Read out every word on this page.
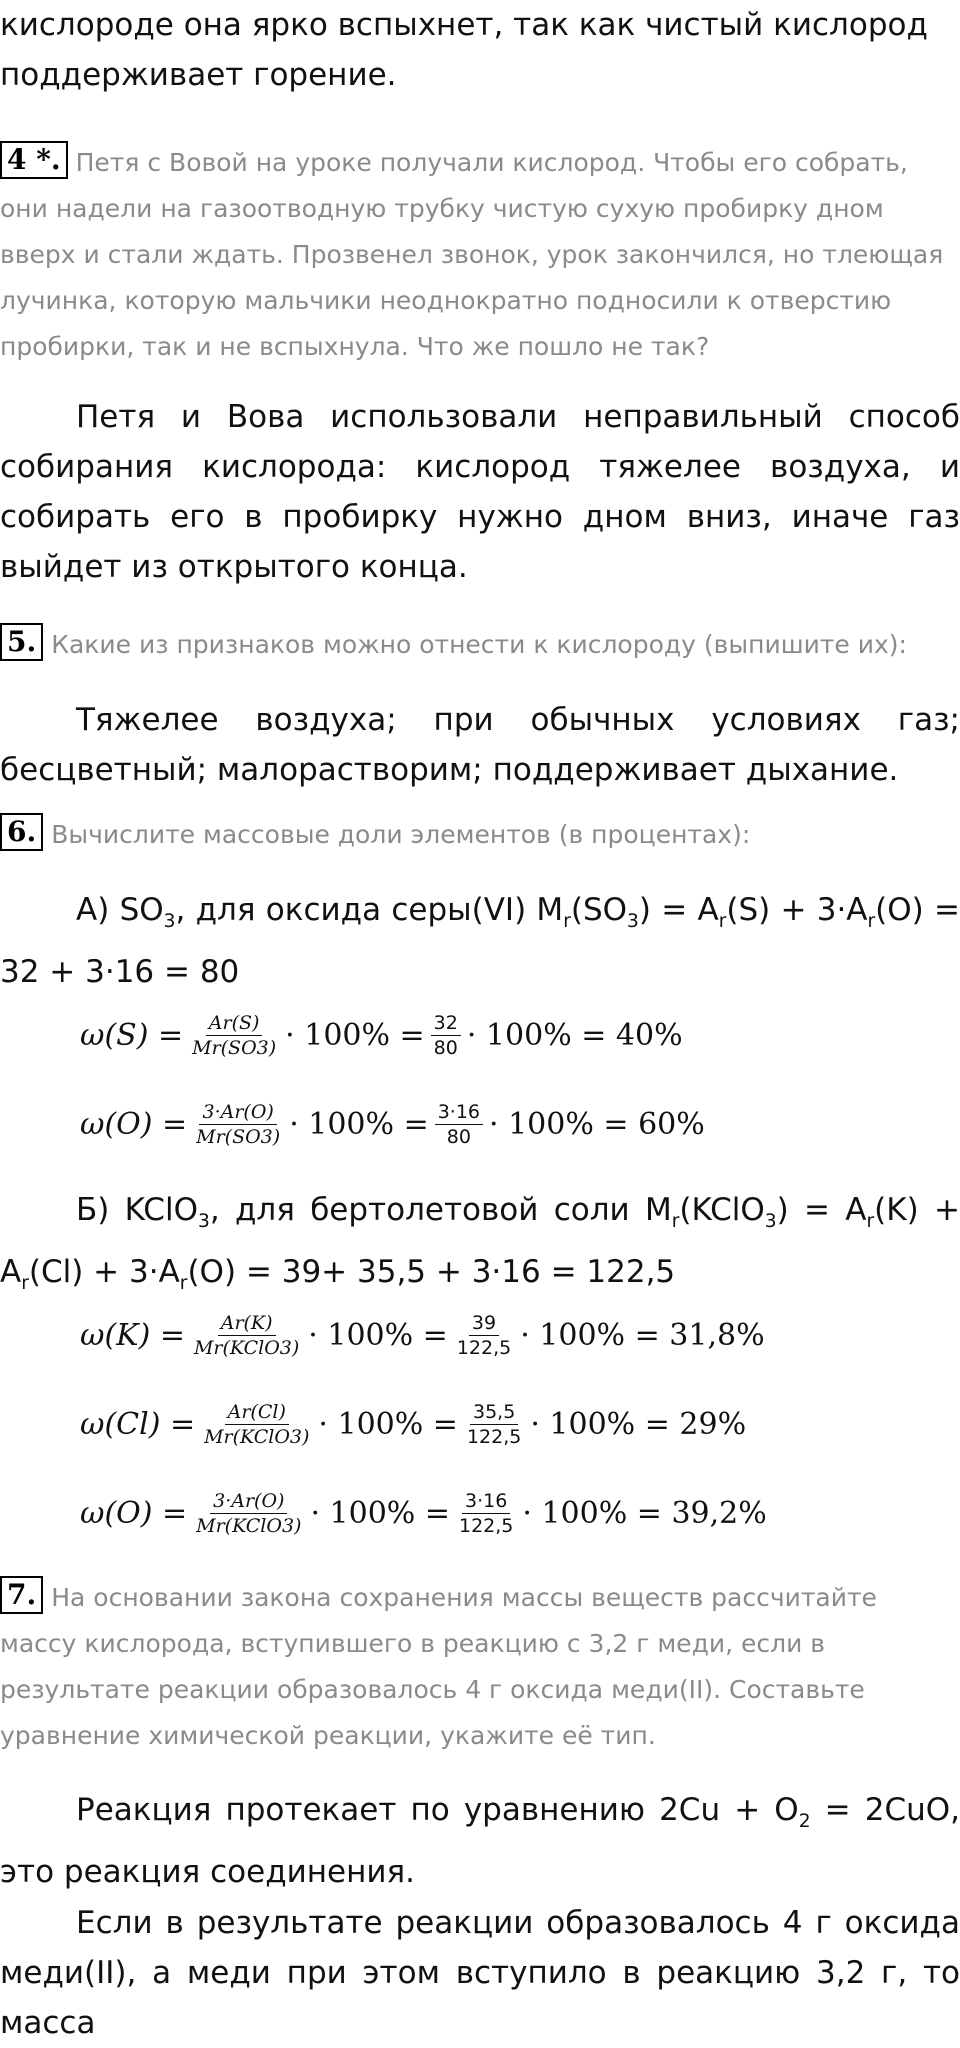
кислороде она ярко вспыхнет, так как чистый кислород
поддерживает горение.

4 *. Петя с Вовой на уроке получали кислород. Чтобы его собрать, они надели на газоотводную трубку чистую сухую пробирку дном вверх и стали ждать. Прозвенел звонок, урок закончился, но тлеющая лучинка, которую мальчики неоднократно подносили к отверстию пробирки, так и не вспыхнула. Что же пошло не так?

Петя и Вова использовали неправильный способ собирания кислорода: кислород тяжелее воздуха, и собирать его в пробирку нужно дном вниз, иначе газ выйдет из открытого конца.

5. Какие из признаков можно отнести к кислороду (выпишите их):

Тяжелее воздуха; при обычных условиях газ; бесцветный; малорастворим; поддерживает дыхание.

6. Вычислите массовые доли элементов (в процентах):

А) $SO_3$, для оксида серы(VI) $M_r(SO_3) = A_r(S) + 3\cdot A_r(O) = 32 + 3\cdot 16 = 80$

$\omega(S) = \frac{Ar(S)}{Mr(SO3)} \cdot 100\% = \frac{32}{80} \cdot 100\% = 40\%$
$\omega(O) = \frac{3\cdot Ar(O)}{Mr(SO3)} \cdot 100\% = \frac{3\cdot 16}{80} \cdot 100\% = 60\%$

Б) KClO$_3$, для бертолетовой соли $M_r(KClO_3) = A_r(K) + A_r(Cl) + 3\cdot A_r(O) = 39+ 35,5 + 3\cdot 16 = 122,5$

$\omega(K) = \frac{Ar(K)}{\text{Mr(KClO3)}} \cdot 100\% = \frac{39}{122,5} \cdot 100\% = 31,8\%$
$\omega(Cl) = \frac{Ar(Cl)}{\text{Mr(KClO3)}} \cdot 100\% = \frac{35,5}{122,5} \cdot 100\% = 29\%$
$\omega(O) = \frac{3\cdot Ar(O)}{\text{Mr(KClO3)}} \cdot 100\% = \frac{3\cdot 16}{122,5} \cdot 100\% = 39,2\%$

7. На основании закона сохранения массы веществ рассчитайте массу кислорода, вступившего в реакцию с 3,2 г меди, если в результате реакции образовалось 4 г оксида меди(II). Составьте уравнение химической реакции, укажите её тип.

Реакция протекает по уравнению $2Cu + O_2 = 2CuO$, это реакция соединения.

Если в результате реакции образовалось 4 г оксида меди(II), а меди при этом вступило в реакцию 3,2 г, то масса
